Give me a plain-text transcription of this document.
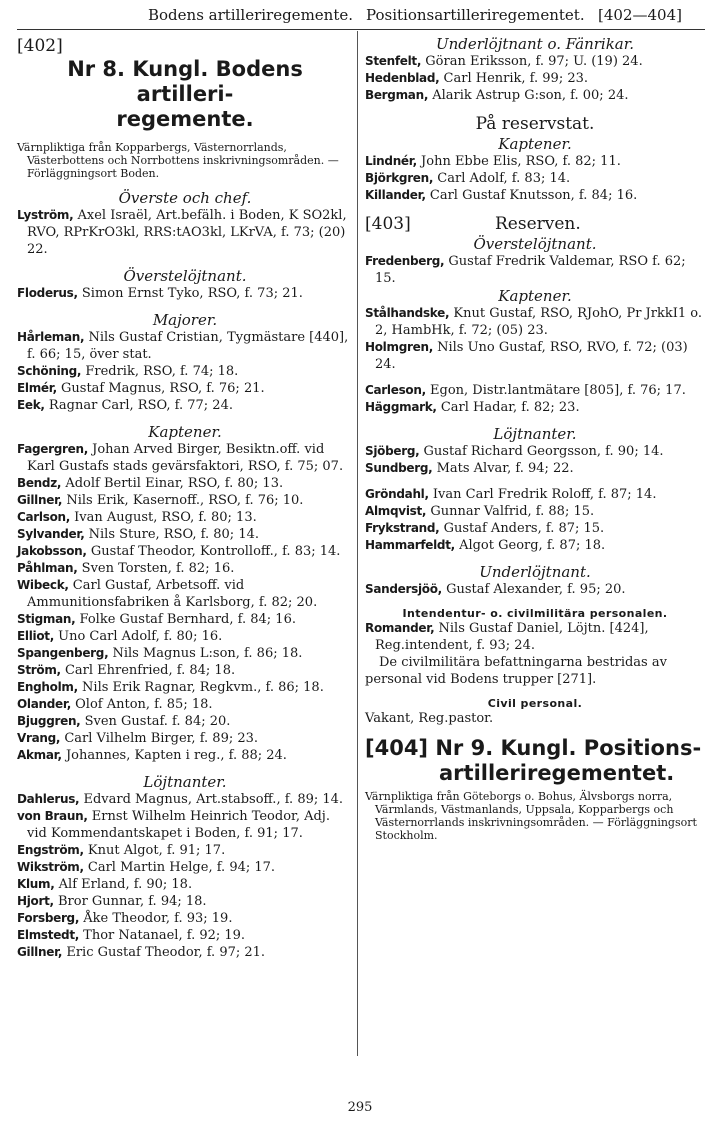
Bodens artilleriregemente. Positionsartilleriregementet. [402—404]
[402]
Nr 8. Kungl. Bodens artilleri-
regemente.

Värnpliktiga från Kopparbergs, Västernorrlands, Västerbottens och Norrbottens inskrivningsområden. — Förläggningsort Boden.

Överste och chef.

Lyström, Axel Israël, Art.befälh. i Boden, K SO2kl, RVO, RPrKrO3kl, RRS:tAO3kl, LKrVA, f. 73; (20) 22.

Överstelöjtnant.

Floderus, Simon Ernst Tyko, RSO, f. 73; 21.

Majorer.

Hårleman, Nils Gustaf Cristian, Tygmästare [440], f. 66; 15, över stat.

Schöning, Fredrik, RSO, f. 74; 18.

Elmér, Gustaf Magnus, RSO, f. 76; 21.

Eek, Ragnar Carl, RSO, f. 77; 24.

Kaptener.

Fagergren, Johan Arved Birger, Besiktn.off. vid Karl Gustafs stads gevärsfaktori, RSO, f. 75; 07.

Bendz, Adolf Bertil Einar, RSO, f. 80; 13.

Gillner, Nils Erik, Kasernoff., RSO, f. 76; 10.

Carlson, Ivan August, RSO, f. 80; 13.

Sylvander, Nils Sture, RSO, f. 80; 14.

Jakobsson, Gustaf Theodor, Kontrolloff., f. 83; 14.

Påhlman, Sven Torsten, f. 82; 16.

Wibeck, Carl Gustaf, Arbetsoff. vid Ammunitionsfabriken å Karlsborg, f. 82; 20.

Stigman, Folke Gustaf Bernhard, f. 84; 16.

Elliot, Uno Carl Adolf, f. 80; 16.

Spangenberg, Nils Magnus L:son, f. 86; 18.

Ström, Carl Ehrenfried, f. 84; 18.

Engholm, Nils Erik Ragnar, Regkvm., f. 86; 18.

Olander, Olof Anton, f. 85; 18.

Bjuggren, Sven Gustaf. f. 84; 20.

Vrang, Carl Vilhelm Birger, f. 89; 23.

Akmar, Johannes, Kapten i reg., f. 88; 24.

Löjtnanter.

Dahlerus, Edvard Magnus, Art.stabsoff., f. 89; 14.

von Braun, Ernst Wilhelm Heinrich Teodor, Adj. vid Kommendantskapet i Boden, f. 91; 17.

Engström, Knut Algot, f. 91; 17.

Wikström, Carl Martin Helge, f. 94; 17.

Klum, Alf Erland, f. 90; 18.

Hjort, Bror Gunnar, f. 94; 18.

Forsberg, Åke Theodor, f. 93; 19.

Elmstedt, Thor Natanael, f. 92; 19.

Gillner, Eric Gustaf Theodor, f. 97; 21.

Underlöjtnant o. Fänrikar.

Stenfelt, Göran Eriksson, f. 97; U. (19) 24.

Hedenblad, Carl Henrik, f. 99; 23.

Bergman, Alarik Astrup G:son, f. 00; 24.

På reservstat.
Kaptener.

Lindnér, John Ebbe Elis, RSO, f. 82; 11.

Björkgren, Carl Adolf, f. 83; 14.

Killander, Carl Gustaf Knutsson, f. 84; 16.

[403]	Reserven.
Överstelöjtnant.

Fredenberg, Gustaf Fredrik Valdemar, RSO f. 62; 15.

Kaptener.

Stålhandske, Knut Gustaf, RSO, RJohO, Pr JrkkI1 o. 2, HambHk, f. 72; (05) 23.

Holmgren, Nils Uno Gustaf, RSO, RVO, f. 72; (03) 24.

Carleson, Egon, Distr.lantmätare [805], f. 76; 17.

Häggmark, Carl Hadar, f. 82; 23.

Löjtnanter.

Sjöberg, Gustaf Richard Georgsson, f. 90; 14.

Sundberg, Mats Alvar, f. 94; 22.

Gröndahl, Ivan Carl Fredrik Roloff, f. 87; 14.

Almqvist, Gunnar Valfrid, f. 88; 15.

Frykstrand, Gustaf Anders, f. 87; 15.

Hammarfeldt, Algot Georg, f. 87; 18.

Underlöjtnant.

Sandersjöö, Gustaf Alexander, f. 95; 20.

Intendentur- o. civilmilitära personalen.

Romander, Nils Gustaf Daniel, Löjtn. [424], Reg.intendent, f. 93; 24.

De civilmilitära befattningarna bestridas av personal vid Bodens trupper [271].

Civil personal.

Vakant, Reg.pastor.

[404] Nr 9. Kungl. Positions-
artilleriregementet.

Värnpliktiga från Göteborgs o. Bohus, Älvsborgs norra, Värmlands, Västmanlands, Uppsala, Kopparbergs och Västernorrlands inskrivningsområden. — Förläggningsort Stockholm.

295
